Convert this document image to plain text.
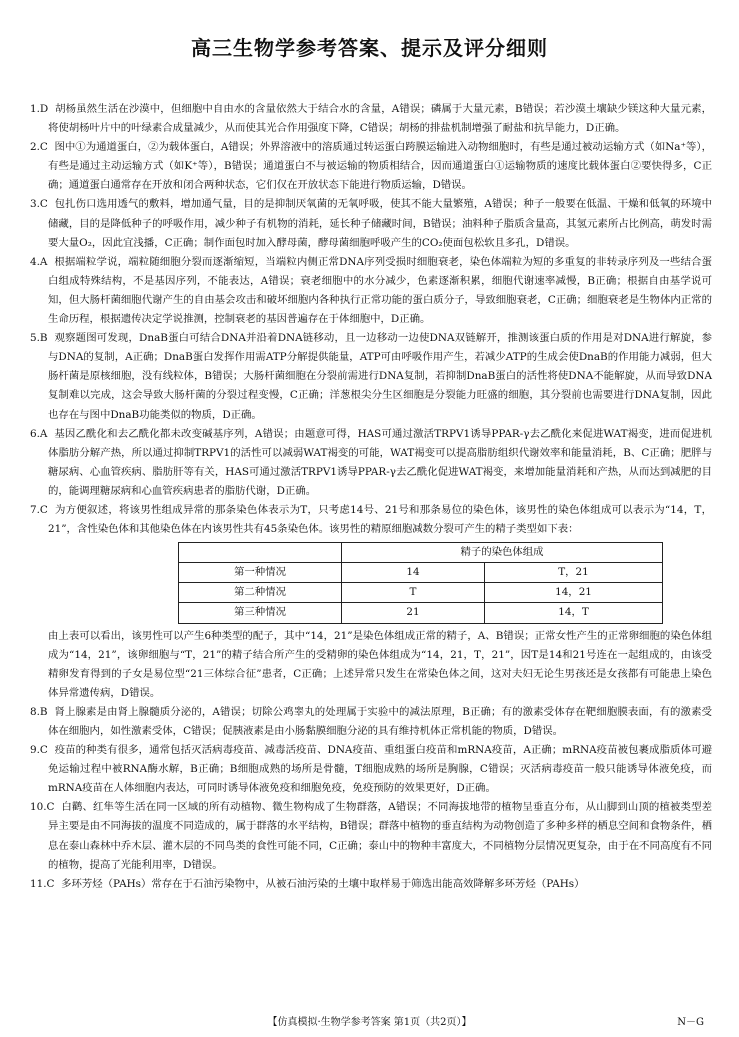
高三生物学参考答案、提示及评分细则

1.D 胡杨虽然生活在沙漠中，但细胞中自由水的含量依然大于结合水的含量，A错误；磷属于大量元素，B错误；若沙漠土壤缺少镁这种大量元素，将使胡杨叶片中的叶绿素合成量减少，从而使其光合作用强度下降，C错误；胡杨的排盐机制增强了耐盐和抗旱能力，D正确。

2.C 图中①为通道蛋白，②为载体蛋白，A错误；外界溶液中的溶质通过转运蛋白跨膜运输进入动物细胞时，有些是通过被动运输方式（如Na⁺等），有些是通过主动运输方式（如K⁺等），B错误；通道蛋白不与被运输的物质相结合，因而通道蛋白①运输物质的速度比载体蛋白②要快得多，C正确；通道蛋白通常存在开放和闭合两种状态，它们仅在开放状态下能进行物质运输，D错误。

3.C 包扎伤口选用透气的敷料，增加通气量，目的是抑制厌氧菌的无氧呼吸，使其不能大量繁殖，A错误；种子一般要在低温、干燥和低氧的环境中储藏，目的是降低种子的呼吸作用，减少种子有机物的消耗，延长种子储藏时间，B错误；油料种子脂质含量高，其氢元素所占比例高，萌发时需要大量O₂，因此宜浅播，C正确；制作面包时加入酵母菌，酵母菌细胞呼吸产生的CO₂使面包松软且多孔，D错误。

4.A 根据端粒学说，端粒随细胞分裂而逐渐缩短，当端粒内侧正常DNA序列受损时细胞衰老，染色体端粒为短的多重复的非转录序列及一些结合蛋白组成特殊结构，不是基因序列，不能表达，A错误；衰老细胞中的水分减少，色素逐渐积累，细胞代谢速率减慢，B正确；根据自由基学说可知，但大肠杆菌细胞代谢产生的自由基会攻击和破坏细胞内各种执行正常功能的蛋白质分子，导致细胞衰老，C正确；细胞衰老是生物体内正常的生命历程，根据遗传决定学说推测，控制衰老的基因普遍存在于体细胞中，D正确。

5.B 观察题图可发现，DnaB蛋白可结合DNA并沿着DNA链移动，且一边移动一边使DNA双链解开，推测该蛋白质的作用是对DNA进行解旋，参与DNA的复制，A正确；DnaB蛋白发挥作用需ATP分解提供能量，ATP可由呼吸作用产生，若减少ATP的生成会使DnaB的作用能力减弱，但大肠杆菌是原核细胞，没有线粒体，B错误；大肠杆菌细胞在分裂前需进行DNA复制，若抑制DnaB蛋白的活性将使DNA不能解旋，从而导致DNA复制难以完成，这会导致大肠杆菌的分裂过程变慢，C正确；洋葱根尖分生区细胞是分裂能力旺盛的细胞，其分裂前也需要进行DNA复制，因此也存在与图中DnaB功能类似的物质，D正确。

6.A 基因乙酰化和去乙酰化都未改变碱基序列，A错误；由题意可得，HAS可通过激活TRPV1诱导PPAR-γ去乙酰化来促进WAT褐变，进而促进机体脂肪分解产热，所以通过抑制TRPV1的活性可以减弱WAT褐变的可能，WAT褐变可以提高脂肪组织代谢效率和能量消耗，B、C正确；肥胖与糖尿病、心血管疾病、脂肪肝等有关，HAS可通过激活TRPV1诱导PPAR-γ去乙酰化促进WAT褐变，来增加能量消耗和产热，从而达到减肥的目的，能调理糖尿病和心血管疾病患者的脂肪代谢，D正确。

7.C 为方便叙述，将该男性组成异常的那条染色体表示为T，只考虑14号、21号和那条易位的染色体，该男性的染色体组成可以表示为“14，T，21”，含性染色体和其他染色体在内该男性共有45条染色体。该男性的精原细胞减数分裂可产生的精子类型如下表：

	精子的染色体组成	
第一种情况	14	T，21
第二种情况	T	14，21
第三种情况	21	14，T

由上表可以看出，该男性可以产生6种类型的配子，其中“14，21”是染色体组成正常的精子，A、B错误；正常女性产生的正常卵细胞的染色体组成为“14，21”，该卵细胞与“T，21”的精子结合所产生的受精卵的染色体组成为“14，21，T，21”，因T是14和21号连在一起组成的，由该受精卵发育得到的子女是易位型“21三体综合征”患者，C正确；上述异常只发生在常染色体之间，这对夫妇无论生男孩还是女孩都有可能患上染色体异常遗传病，D错误。

8.B 肾上腺素是由肾上腺髓质分泌的，A错误；切除公鸡睾丸的处理属于实验中的减法原理，B正确；有的激素受体存在靶细胞膜表面，有的激素受体在细胞内，如性激素受体，C错误；促胰液素是由小肠黏膜细胞分泌的具有维持机体正常机能的物质，D错误。

9.C 疫苗的种类有很多，通常包括灭活病毒疫苗、减毒活疫苗、DNA疫苗、重组蛋白疫苗和mRNA疫苗，A正确；mRNA疫苗被包裹成脂质体可避免运输过程中被RNA酶水解，B正确；B细胞成熟的场所是骨髓，T细胞成熟的场所是胸腺，C错误；灭活病毒疫苗一般只能诱导体液免疫，而mRNA疫苗在人体细胞内表达，可同时诱导体液免疫和细胞免疫，免疫预防的效果更好，D正确。

10.C 白鹳、红隼等生活在同一区域的所有动植物、微生物构成了生物群落，A错误；不同海拔地带的植物呈垂直分布，从山脚到山顶的植被类型差异主要是由不同海拔的温度不同造成的，属于群落的水平结构，B错误；群落中植物的垂直结构为动物创造了多种多样的栖息空间和食物条件，栖息在泰山森林中乔木层、灌木层的不同鸟类的食性可能不同，C正确；泰山中的物种丰富度大，不同植物分层情况更复杂，由于在不同高度有不同的植物，提高了光能利用率，D错误。

11.C 多环芳烃（PAHs）常存在于石油污染物中，从被石油污染的土壤中取样易于筛选出能高效降解多环芳烃（PAHs）

【仿真模拟·生物学参考答案 第1页（共2页）】	N－G
